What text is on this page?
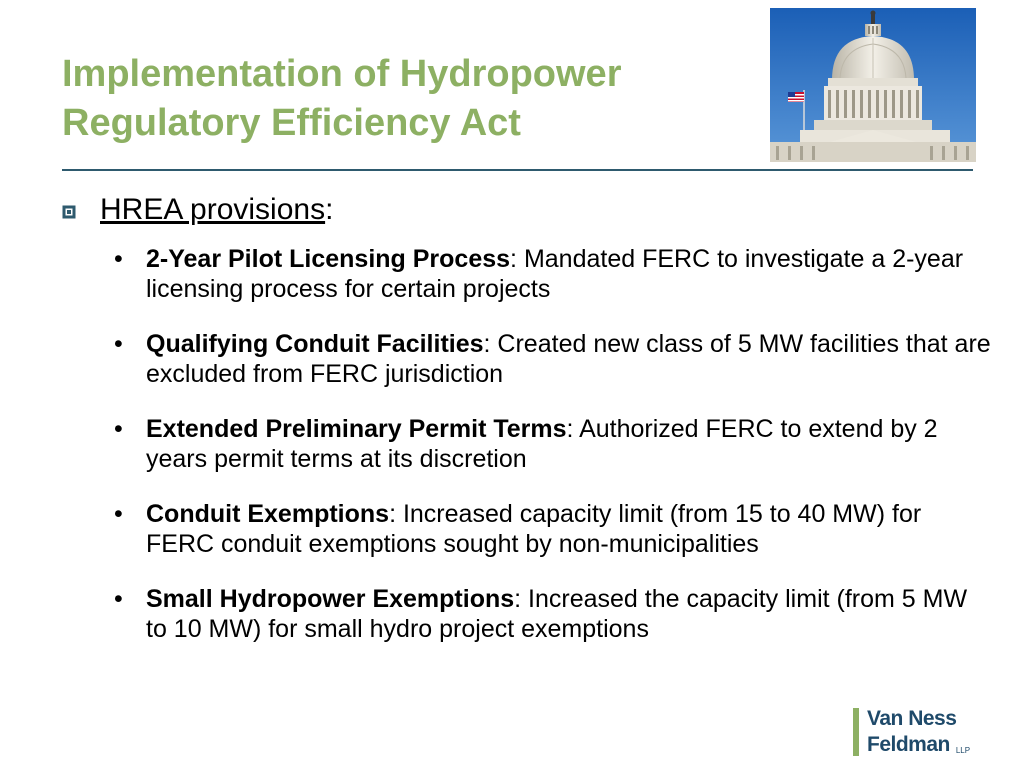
Implementation of Hydropower
Regulatory Efficiency Act
HREA provisions:
• 2-Year Pilot Licensing Process: Mandated FERC to investigate a 2-year licensing process for certain projects
• Qualifying Conduit Facilities: Created new class of 5 MW facilities that are excluded from FERC jurisdiction
• Extended Preliminary Permit Terms: Authorized FERC to extend by 2 years permit terms at its discretion
• Conduit Exemptions: Increased capacity limit (from 15 to 40 MW) for FERC conduit exemptions sought by non-municipalities
• Small Hydropower Exemptions: Increased the capacity limit (from 5 MW to 10 MW) for small hydro project exemptions
Van Ness
Feldman LLP
